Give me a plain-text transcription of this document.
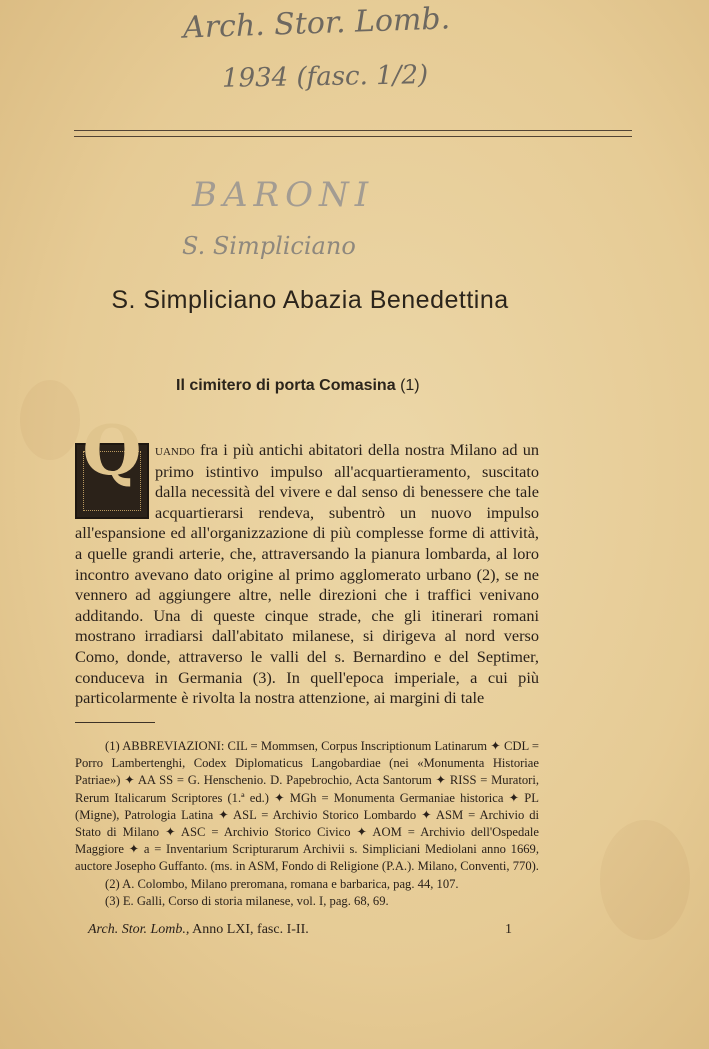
Arch. Stor. Lomb.
1934 (fasc. 1/2)
BARONI
S. Simpliciano
S. Simpliciano Abazia Benedettina
Il cimitero di porta Comasina (1)
Q uando fra i più antichi abitatori della nostra Milano ad un primo istintivo impulso all'acquartieramento, suscitato dalla necessità del vivere e dal senso di benessere che tale acquartierarsi rendeva, subentrò un nuovo impulso all'espansione ed all'organizzazione di più complesse forme di attività, a quelle grandi arterie, che, attraversando la pianura lombarda, al loro incontro avevano dato origine al primo agglomerato urbano (2), se ne vennero ad aggiungere altre, nelle direzioni che i traffici venivano additando. Una di queste cinque strade, che gli itinerari romani mostrano irradiarsi dall'abitato milanese, si dirigeva al nord verso Como, donde, attraverso le valli del s. Bernardino e del Septimer, conduceva in Germania (3). In quell'epoca imperiale, a cui più particolarmente è rivolta la nostra attenzione, ai margini di tale

(1) ABBREVIAZIONI: CIL = Mommsen, Corpus Inscriptionum Latinarum ✦ CDL = Porro Lambertenghi, Codex Diplomaticus Langobardiae (nei «Monumenta Historiae Patriae») ✦ AA SS = G. Henschenio. D. Papebrochio, Acta Santorum ✦ RISS = Muratori, Rerum Italicarum Scriptores (1.ª ed.) ✦ MGh = Monumenta Germaniae historica ✦ PL (Migne), Patrologia Latina ✦ ASL = Archivio Storico Lombardo ✦ ASM = Archivio di Stato di Milano ✦ ASC = Archivio Storico Civico ✦ AOM = Archivio dell'Ospedale Maggiore ✦ a = Inventarium Scripturarum Archivii s. Simpliciani Mediolani anno 1669, auctore Josepho Guffanto. (ms. in ASM, Fondo di Religione (P.A.). Milano, Conventi, 770).

(2) A. Colombo, Milano preromana, romana e barbarica, pag. 44, 107.

(3) E. Galli, Corso di storia milanese, vol. I, pag. 68, 69.

Arch. Stor. Lomb., Anno LXI, fasc. I-II.	1
